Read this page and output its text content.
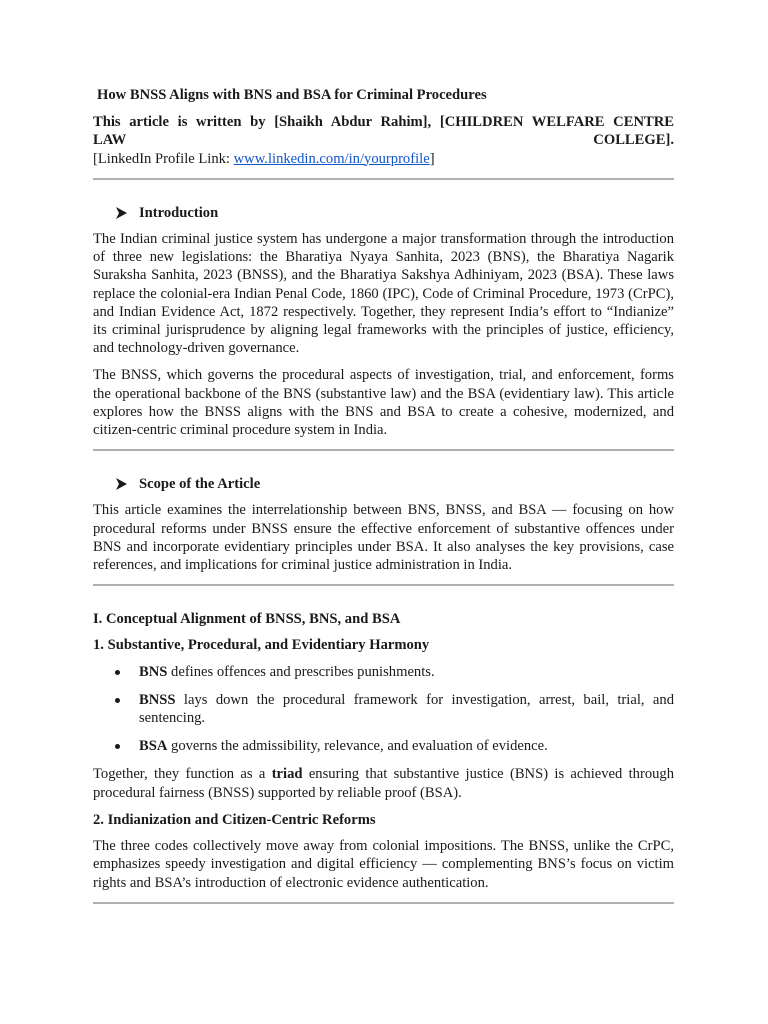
How BNSS Aligns with BNS and BSA for Criminal Procedures
This article is written by [Shaikh Abdur Rahim], [CHILDREN WELFARE CENTRE
LAW COLLEGE].
[LinkedIn Profile Link: www.linkedin.com/in/yourprofile]
Introduction

The Indian criminal justice system has undergone a major transformation through the introduction of three new legislations: the Bharatiya Nyaya Sanhita, 2023 (BNS), the Bharatiya Nagarik Suraksha Sanhita, 2023 (BNSS), and the Bharatiya Sakshya Adhiniyam, 2023 (BSA). These laws replace the colonial-era Indian Penal Code, 1860 (IPC), Code of Criminal Procedure, 1973 (CrPC), and Indian Evidence Act, 1872 respectively. Together, they represent India’s effort to “Indianize” its criminal jurisprudence by aligning legal frameworks with the principles of justice, efficiency, and technology-driven governance.

The BNSS, which governs the procedural aspects of investigation, trial, and enforcement, forms the operational backbone of the BNS (substantive law) and the BSA (evidentiary law). This article explores how the BNSS aligns with the BNS and BSA to create a cohesive, modernized, and citizen-centric criminal procedure system in India.

Scope of the Article

This article examines the interrelationship between BNS, BNSS, and BSA — focusing on how procedural reforms under BNSS ensure the effective enforcement of substantive offences under BNS and incorporate evidentiary principles under BSA. It also analyses the key provisions, case references, and implications for criminal justice administration in India.

I. Conceptual Alignment of BNSS, BNS, and BSA
1. Substantive, Procedural, and Evidentiary Harmony
BNS defines offences and prescribes punishments.
BNSS lays down the procedural framework for investigation, arrest, bail, trial, and sentencing.
BSA governs the admissibility, relevance, and evaluation of evidence.

Together, they function as a triad ensuring that substantive justice (BNS) is achieved through procedural fairness (BNSS) supported by reliable proof (BSA).

2. Indianization and Citizen-Centric Reforms

The three codes collectively move away from colonial impositions. The BNSS, unlike the CrPC, emphasizes speedy investigation and digital efficiency — complementing BNS’s focus on victim rights and BSA’s introduction of electronic evidence authentication.
